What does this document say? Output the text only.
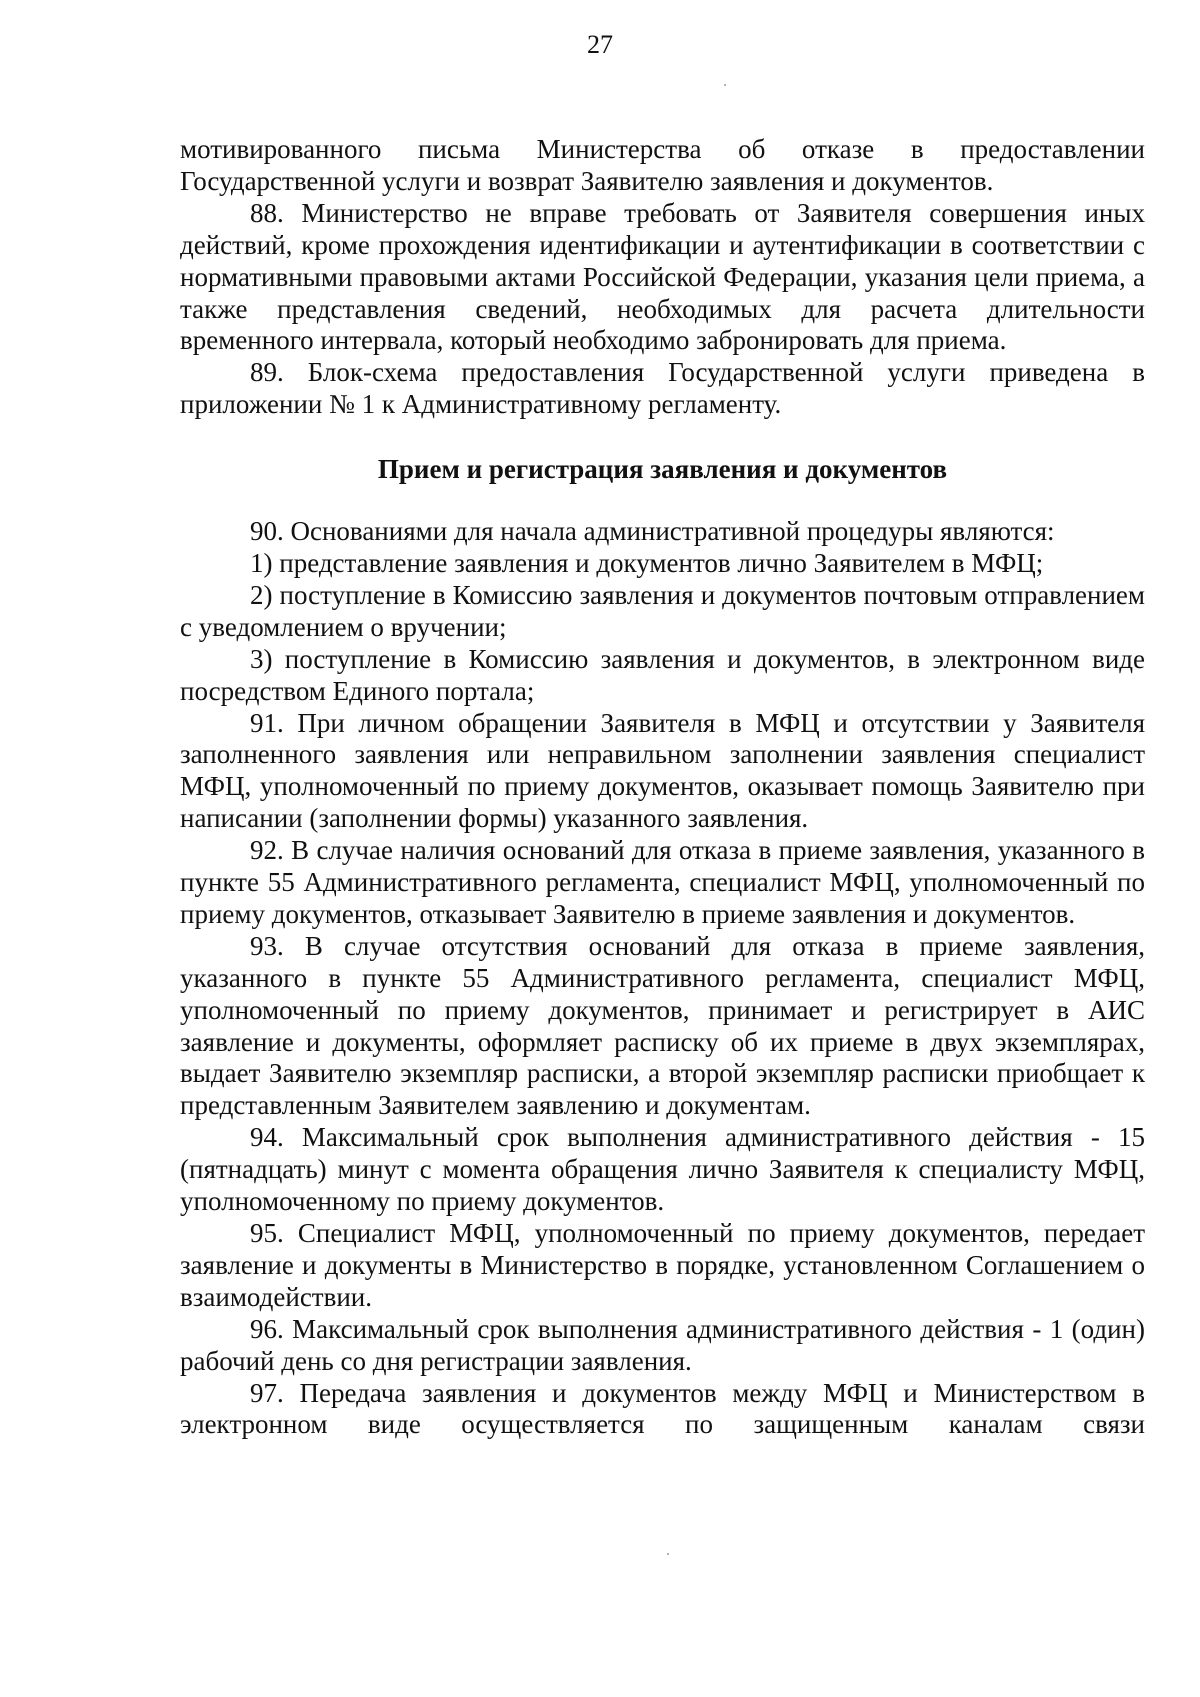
27

мотивированного письма Министерства об отказе в предоставлении Государственной услуги и возврат Заявителю заявления и документов.

88. Министерство не вправе требовать от Заявителя совершения иных действий, кроме прохождения идентификации и аутентификации в соответствии с нормативными правовыми актами Российской Федерации, указания цели приема, а также представления сведений, необходимых для расчета длительности временного интервала, который необходимо забронировать для приема.

89. Блок-схема предоставления Государственной услуги приведена в приложении № 1 к Административному регламенту.

Прием и регистрация заявления и документов

90. Основаниями для начала административной процедуры являются:

1) представление заявления и документов лично Заявителем в МФЦ;

2) поступление в Комиссию заявления и документов почтовым отправлением с уведомлением о вручении;

3) поступление в Комиссию заявления и документов, в электронном виде посредством Единого портала;

91. При личном обращении Заявителя в МФЦ и отсутствии у Заявителя заполненного заявления или неправильном заполнении заявления специалист МФЦ, уполномоченный по приему документов, оказывает помощь Заявителю при написании (заполнении формы) указанного заявления.

92. В случае наличия оснований для отказа в приеме заявления, указанного в пункте 55 Административного регламента, специалист МФЦ, уполномоченный по приему документов, отказывает Заявителю в приеме заявления и документов.

93. В случае отсутствия оснований для отказа в приеме заявления, указанного в пункте 55 Административного регламента, специалист МФЦ, уполномоченный по приему документов, принимает и регистрирует в АИС заявление и документы, оформляет расписку об их приеме в двух экземплярах, выдает Заявителю экземпляр расписки, а второй экземпляр расписки приобщает к представленным Заявителем заявлению и документам.

94. Максимальный срок выполнения административного действия - 15 (пятнадцать) минут с момента обращения лично Заявителя к специалисту МФЦ, уполномоченному по приему документов.

95. Специалист МФЦ, уполномоченный по приему документов, передает заявление и документы в Министерство в порядке, установленном Соглашением о взаимодействии.

96. Максимальный срок выполнения административного действия - 1 (один) рабочий день со дня регистрации заявления.

97. Передача заявления и документов между МФЦ и Министерством в электронном виде осуществляется по защищенным каналам связи
